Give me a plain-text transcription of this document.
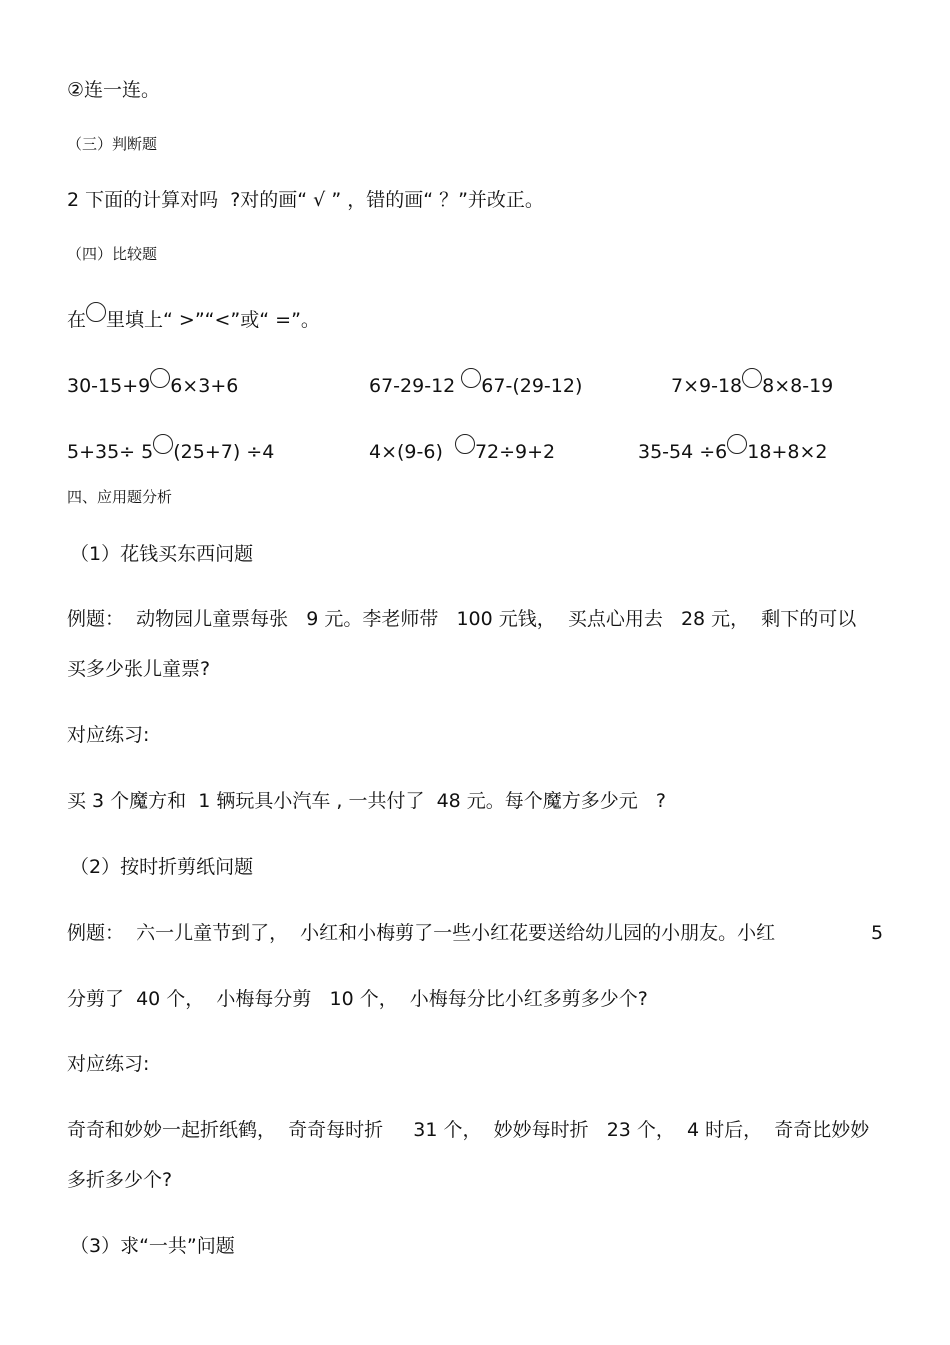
②连一连。
（三）判断题
2 下面的计算对吗  ?对的画“ √ ” ，错的画“ ？”并改正。
（四）比较题
在 里填上“ >”“<”或“ =”。
30-15+9 6×3+6	67-29-12 67-(29-12)	7×9-18 8×8-19
5+35÷ 5 (25+7) ÷4	4×(9-6)  72÷9+2	35-54 ÷6 18+8×2
四、应用题分析
（1）花钱买东西问题
例题：  动物园儿童票每张   9 元。李老师带   100 元钱，  买点心用去   28 元，  剩下的可以
买多少张儿童票?
对应练习:
买 3 个魔方和  1 辆玩具小汽车 , 一共付了  48 元。每个魔方多少元   ?
（2）按时折剪纸问题
例题：  六一儿童节到了，  小红和小梅剪了一些小红花要送给幼儿园的小朋友。小红	5
分剪了  40 个，  小梅每分剪   10 个，  小梅每分比小红多剪多少个?
对应练习:
奇奇和妙妙一起折纸鹤，  奇奇每时折     31 个，  妙妙每时折   23 个，  4 时后，  奇奇比妙妙
多折多少个?
（3）求“一共”问题
